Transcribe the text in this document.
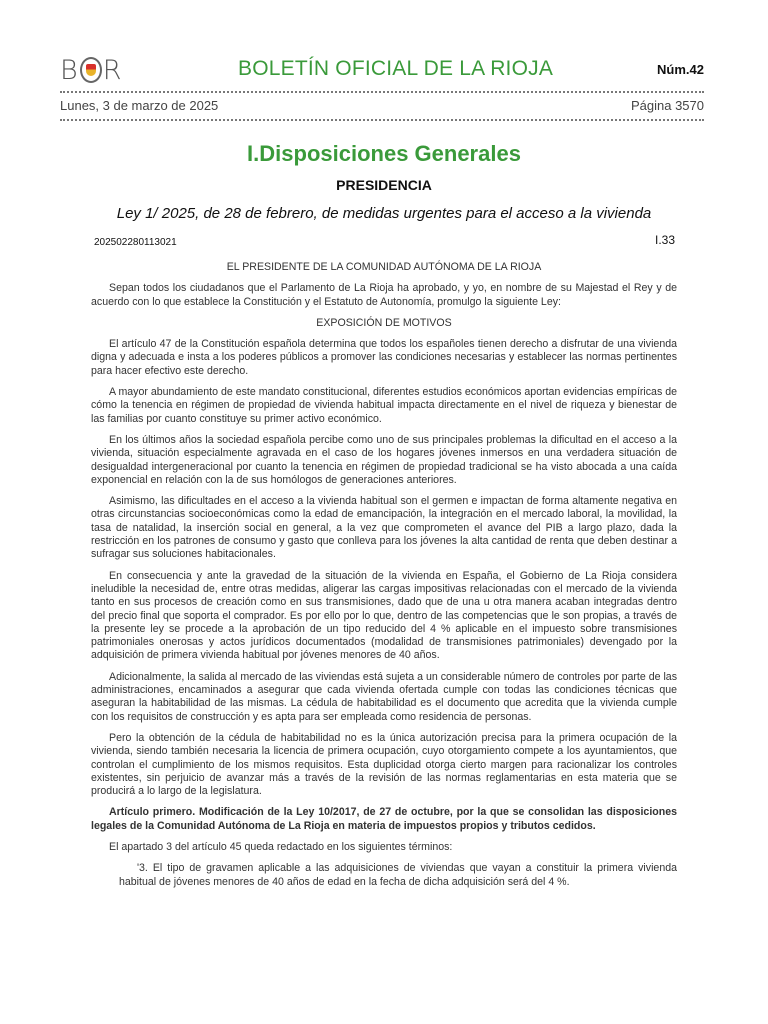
B R	BOLETÍN OFICIAL DE LA RIOJA	Núm.42
Lunes, 3 de marzo de 2025	Página 3570
I.Disposiciones Generales
PRESIDENCIA
Ley 1/ 2025, de 28 de febrero, de medidas urgentes para el acceso a la vivienda
202502280113021	I.33

EL PRESIDENTE DE LA COMUNIDAD AUTÓNOMA DE LA RIOJA

Sepan todos los ciudadanos que el Parlamento de La Rioja ha aprobado, y yo, en nombre de su Majestad el Rey y de acuerdo con lo que establece la Constitución y el Estatuto de Autonomía, promulgo la siguiente Ley:

EXPOSICIÓN DE MOTIVOS

El artículo 47 de la Constitución española determina que todos los españoles tienen derecho a disfrutar de una vivienda digna y adecuada e insta a los poderes públicos a promover las condiciones necesarias y establecer las normas pertinentes para hacer efectivo este derecho.

A mayor abundamiento de este mandato constitucional, diferentes estudios económicos aportan evidencias empíricas de cómo la tenencia en régimen de propiedad de vivienda habitual impacta directamente en el nivel de riqueza y bienestar de las familias por cuanto constituye su primer activo económico.

En los últimos años la sociedad española percibe como uno de sus principales problemas la dificultad en el acceso a la vivienda, situación especialmente agravada en el caso de los hogares jóvenes inmersos en una verdadera situación de desigualdad intergeneracional por cuanto la tenencia en régimen de propiedad tradicional se ha visto abocada a una caída exponencial en relación con la de sus homólogos de generaciones anteriores.

Asimismo, las dificultades en el acceso a la vivienda habitual son el germen e impactan de forma altamente negativa en otras circunstancias socioeconómicas como la edad de emancipación, la integración en el mercado laboral, la movilidad, la tasa de natalidad, la inserción social en general, a la vez que comprometen el avance del PIB a largo plazo, dada la restricción en los patrones de consumo y gasto que conlleva para los jóvenes la alta cantidad de renta que deben destinar a sufragar sus soluciones habitacionales.

En consecuencia y ante la gravedad de la situación de la vivienda en España, el Gobierno de La Rioja considera ineludible la necesidad de, entre otras medidas, aligerar las cargas impositivas relacionadas con el mercado de la vivienda tanto en sus procesos de creación como en sus transmisiones, dado que de una u otra manera acaban integradas dentro del precio final que soporta el comprador. Es por ello por lo que, dentro de las competencias que le son propias, a través de la presente ley se procede a la aprobación de un tipo reducido del 4 % aplicable en el impuesto sobre transmisiones patrimoniales onerosas y actos jurídicos documentados (modalidad de transmisiones patrimoniales) devengado por la adquisición de primera vivienda habitual por jóvenes menores de 40 años.

Adicionalmente, la salida al mercado de las viviendas está sujeta a un considerable número de controles por parte de las administraciones, encaminados a asegurar que cada vivienda ofertada cumple con todas las condiciones técnicas que aseguran la habitabilidad de las mismas. La cédula de habitabilidad es el documento que acredita que la vivienda cumple con los requisitos de construcción y es apta para ser empleada como residencia de personas.

Pero la obtención de la cédula de habitabilidad no es la única autorización precisa para la primera ocupación de la vivienda, siendo también necesaria la licencia de primera ocupación, cuyo otorgamiento compete a los ayuntamientos, que controlan el cumplimiento de los mismos requisitos. Esta duplicidad otorga cierto margen para racionalizar los controles existentes, sin perjuicio de avanzar más a través de la revisión de las normas reglamentarias en esta materia que se producirá a lo largo de la legislatura.

Artículo primero. Modificación de la Ley 10/2017, de 27 de octubre, por la que se consolidan las disposiciones legales de la Comunidad Autónoma de La Rioja en materia de impuestos propios y tributos cedidos.

El apartado 3 del artículo 45 queda redactado en los siguientes términos:

'3. El tipo de gravamen aplicable a las adquisiciones de viviendas que vayan a constituir la primera vivienda habitual de jóvenes menores de 40 años de edad en la fecha de dicha adquisición será del 4 %.
